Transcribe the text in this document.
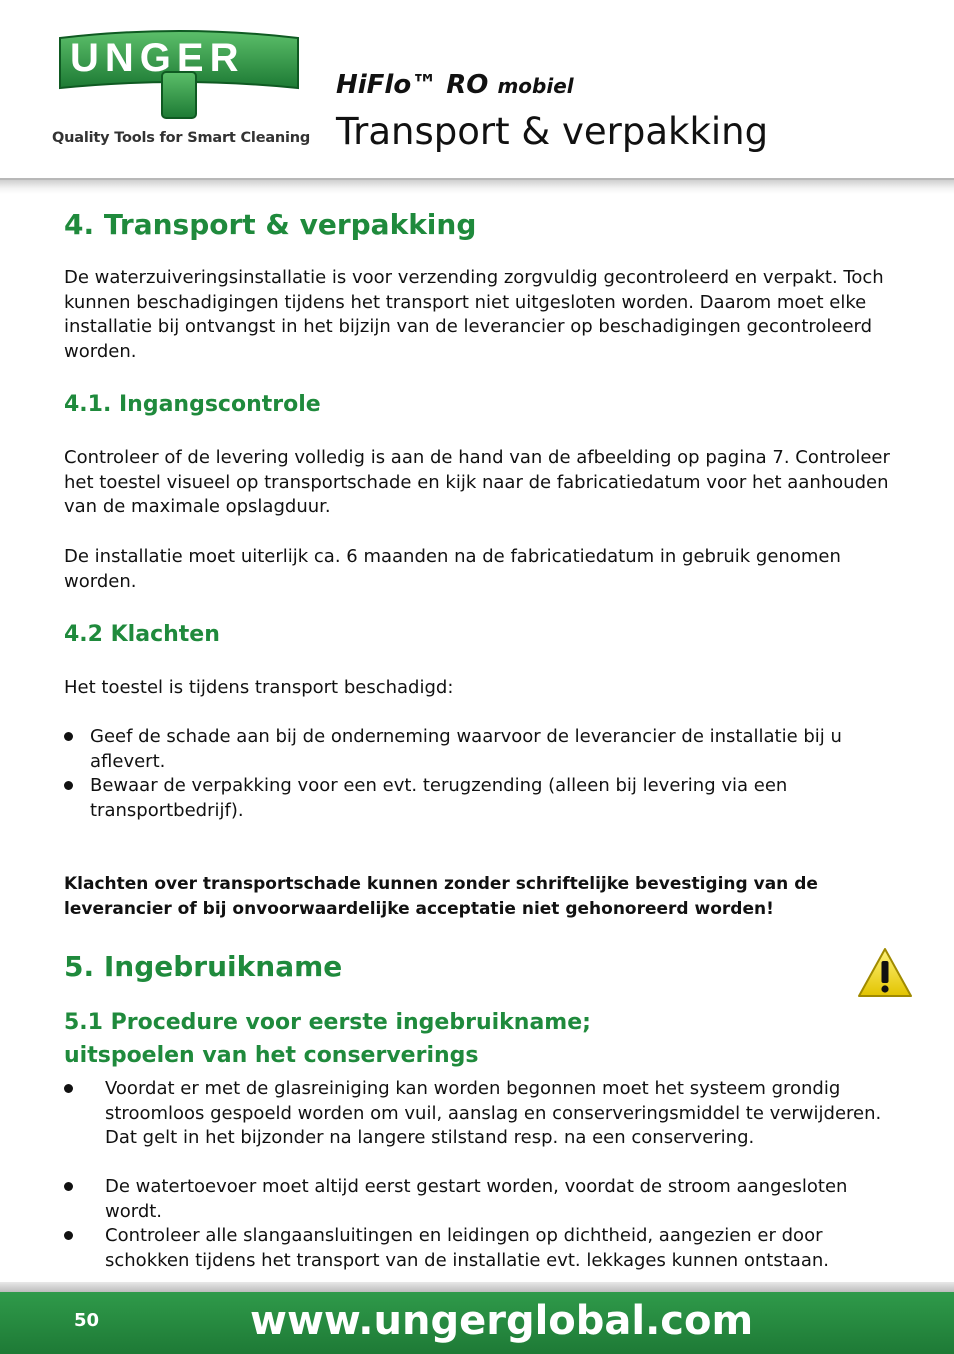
UNGER
Quality Tools for Smart Cleaning
HiFlo™ RO mobiel
Transport & verpakking
4. Transport & verpakking

De waterzuiveringsinstallatie is voor verzending zorgvuldig gecontroleerd en verpakt. Toch kunnen beschadigingen tijdens het transport niet uitgesloten worden. Daarom moet elke installatie bij ontvangst in het bijzijn van de leverancier op beschadigingen gecontroleerd worden.

4.1. Ingangscontrole

Controleer of de levering volledig is aan de hand van de afbeelding op pagina 7. Controleer het toestel visueel op transportschade en kijk naar de fabricatiedatum voor het aanhouden van de maximale opslagduur.

De installatie moet uiterlijk ca. 6 maanden na de fabricatiedatum in gebruik genomen worden.

4.2 Klachten

Het toestel is tijdens transport beschadigd:

Geef de schade aan bij de onderneming waarvoor de leverancier de installatie bij u aflevert.
Bewaar de verpakking voor een evt. terugzending (alleen bij levering via een transportbedrijf).

Klachten over transportschade kunnen zonder schriftelijke bevestiging van de leverancier of bij onvoorwaardelijke acceptatie niet gehonoreerd worden!

5. Ingebruikname
5.1 Procedure voor eerste ingebruikname;
uitspoelen van het conserverings
Voordat er met de glasreiniging kan worden begonnen moet het systeem grondig stroomloos gespoeld worden om vuil, aanslag en conserveringsmiddel te verwijderen. Dat gelt in het bijzonder na langere stilstand resp. na een conservering.
De watertoevoer moet altijd eerst gestart worden, voordat de stroom aangesloten wordt.
Controleer alle slangaansluitingen en leidingen op dichtheid, aangezien er door schokken tijdens het transport van de installatie evt. lekkages kunnen ontstaan.
50	www.ungerglobal.com
